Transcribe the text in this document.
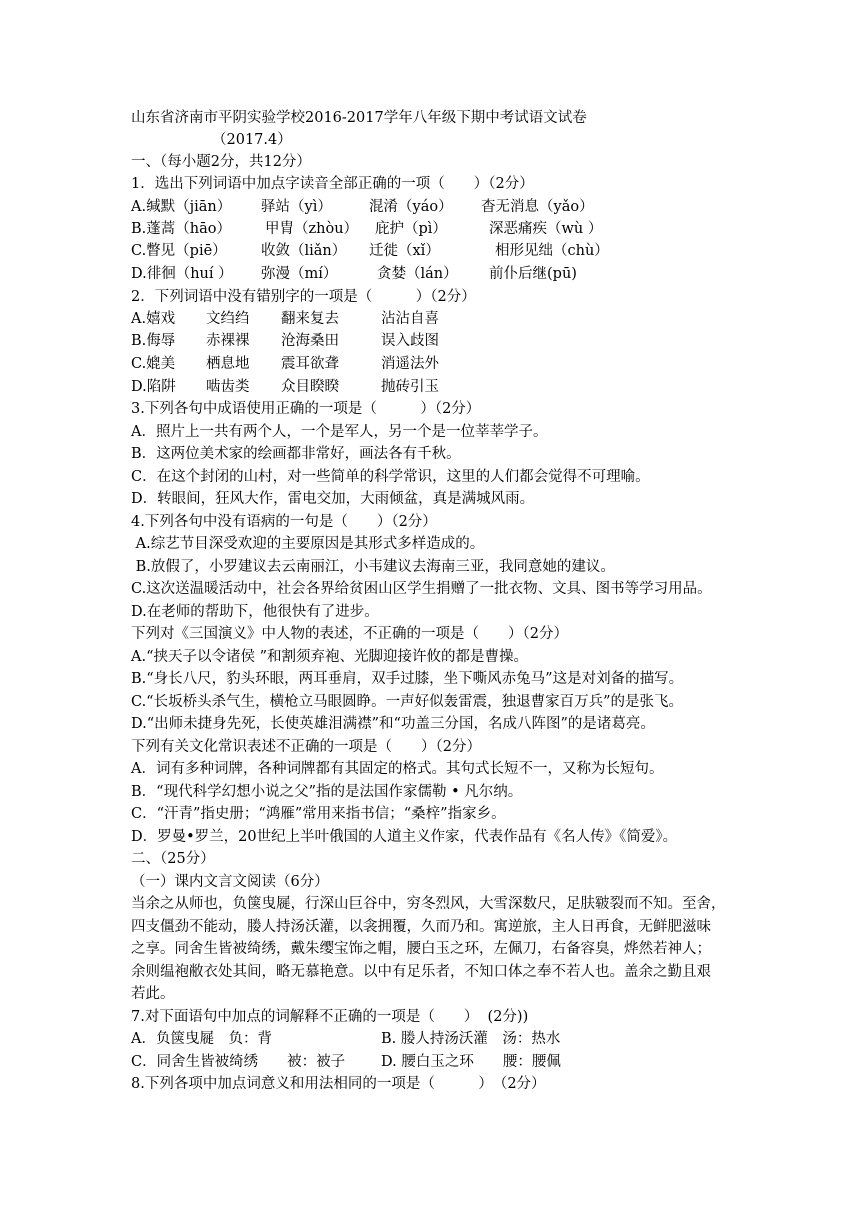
山东省济南市平阴实验学校2016-2017学年八年级下期中考试语文试卷
（2017.4）
一、（每小题2分，共12分）
1．选出下列词语中加点字读音全部正确的一项（　　）（2分）
A.缄默（jiān） 驿站（yì）	混淆（yáo） 杳无消息（yǎo）
B.蓬蒿（hāo） 甲胄（zhòu） 庇护（pì）	深恶痛疾（wù ）
C.瞥见（piē） 收敛（liǎn） 迁徙（xǐ）	相形见绌（chù）
D.徘徊（huí ） 弥漫（mí）	贪婪（lán） 前仆后继(pū)
2．下列词语中没有错别字的一项是（　　　）（2分）
A.嬉戏 文绉绉 翻来复去	沾沾自喜
B.侮辱 赤裸裸 沧海桑田	误入歧图
C.媲美 栖息地 震耳欲聋	消遥法外
D.陷阱 啮齿类 众目睽睽	抛砖引玉
3.下列各句中成语使用正确的一项是（　　　）（2分）
A．照片上一共有两个人，一个是军人，另一个是一位莘莘学子。
B．这两位美术家的绘画都非常好，画法各有千秋。
C．在这个封闭的山村，对一些简单的科学常识，这里的人们都会觉得不可理喻。
D．转眼间，狂风大作，雷电交加，大雨倾盆，真是满城风雨。
4.下列各句中没有语病的一句是（　　）（2分）
A.综艺节目深受欢迎的主要原因是其形式多样造成的。
B.放假了，小罗建议去云南丽江，小韦建议去海南三亚，我同意她的建议。
C.这次送温暖活动中，社会各界给贫困山区学生捐赠了一批衣物、文具、图书等学习用品。
D.在老师的帮助下，他很快有了进步。
下列对《三国演义》中人物的表述，不正确的一项是（　　）（2分）
A.“挟天子以令诸侯 ”和割须弃袍、光脚迎接许攸的都是曹操。
B.“身长八尺，豹头环眼，两耳垂肩，双手过膝，坐下嘶风赤兔马”这是对刘备的描写。
C.“长坂桥头杀气生，横枪立马眼圆睁。一声好似轰雷震，独退曹家百万兵”的是张飞。
D.“出师未捷身先死，长使英雄泪满襟”和“功盖三分国，名成八阵图”的是诸葛亮。
下列有关文化常识表述不正确的一项是（　　）（2分）
A．词有多种词牌，各种词牌都有其固定的格式。其句式长短不一，又称为长短句。
B．“现代科学幻想小说之父”指的是法国作家儒勒 • 凡尔纳。
C．“汗青”指史册；“鸿雁”常用来指书信；“桑梓”指家乡。
D．罗曼•罗兰，20世纪上半叶俄国的人道主义作家，代表作品有《名人传》《简爱》。
二、（25分）
（一）课内文言文阅读（6分）
当余之从师也，负箧曳屣，行深山巨谷中，穷冬烈风，大雪深数尺，足肤皲裂而不知。至舍，
四支僵劲不能动，媵人持汤沃灌，以衾拥覆，久而乃和。寓逆旅，主人日再食，无鲜肥滋味
之享。同舍生皆被绮绣，戴朱缨宝饰之帽，腰白玉之环，左佩刀，右备容臭，烨然若神人；
余则缊袍敝衣处其间，略无慕艳意。以中有足乐者，不知口体之奉不若人也。盖余之勤且艰
若此。
7.对下面语句中加点的词解释不正确的一项是（　　）  (2分))
A．负箧曳屣　负：背	B. 媵人持汤沃灌　汤：热水
C．同舍生皆被绮绣　　被：被子 D. 腰白玉之环　　腰：腰佩
8.下列各项中加点词意义和用法相同的一项是（　　　）　（2分）
